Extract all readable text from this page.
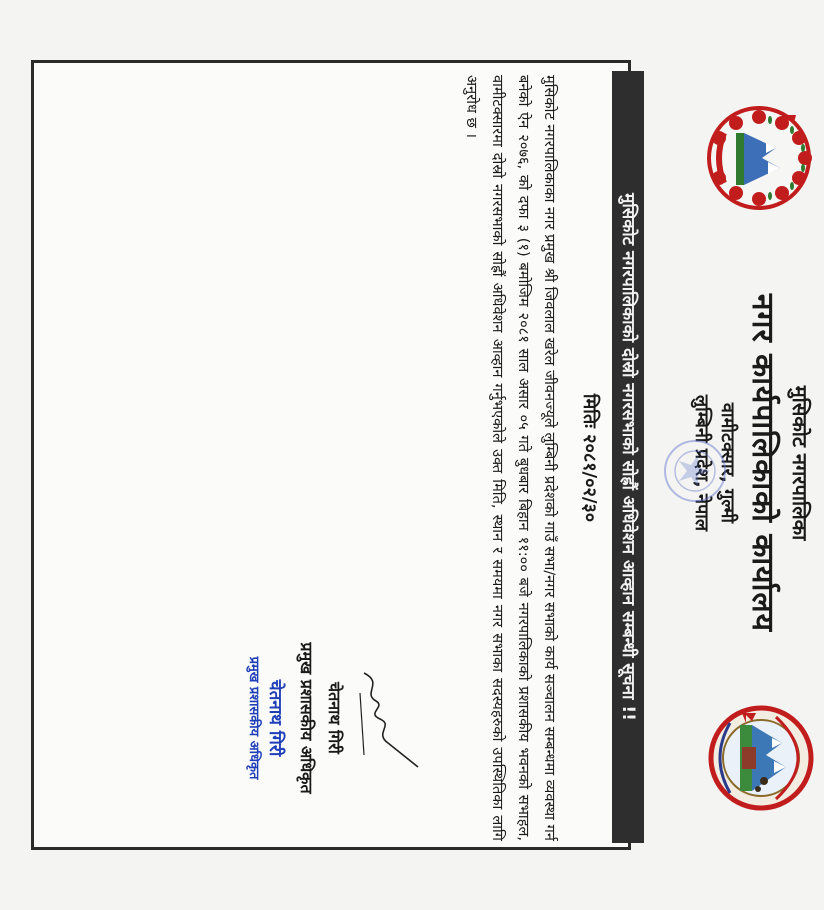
मुसिकोट नगरपालिका

नगर कार्यपालिकाको कार्यालय

वामीटक्सार, गुल्मी

लुम्बिनी प्रदेश, नेपाल

मुसिकोट नगरपालिकाको दोस्रो नगरसभाको सोह्रौं अधिवेशन आव्हान सम्बन्धी सूचना !!
मितिः २०८१/०२/३०
मुसिकोट नगरपालिकाका नगर प्रमुख श्री जिवलाल खरेल जीवनज्यूले लुम्बिनी प्रदेशको गाउँ सभा/नगर सभाको कार्य सञ्चालन सम्बन्धमा व्यवस्था गर्न बनेको ऐन २०७६, को दफा ३ (१) बमोजिम २०८१ साल असार ०५ गते बुधबार बिहान ११:०० बजे नगरपालिकाको प्रशासकीय भवनको सभाहल, वामीटक्सारमा दोस्रो नगरसभाको सोह्रौं अधिवेशन आव्हान गर्नुभएकोले उक्त मिति, स्थान र समयमा नगर सभाका सदस्यहरुको उपस्थितिका लागि अनुरोध छ ।
चेतनाथ गिरी
प्रमुख प्रशासकीय अधिकृत
चेतनाथ गिरी
प्रमुख प्रशासकीय अधिकृत
